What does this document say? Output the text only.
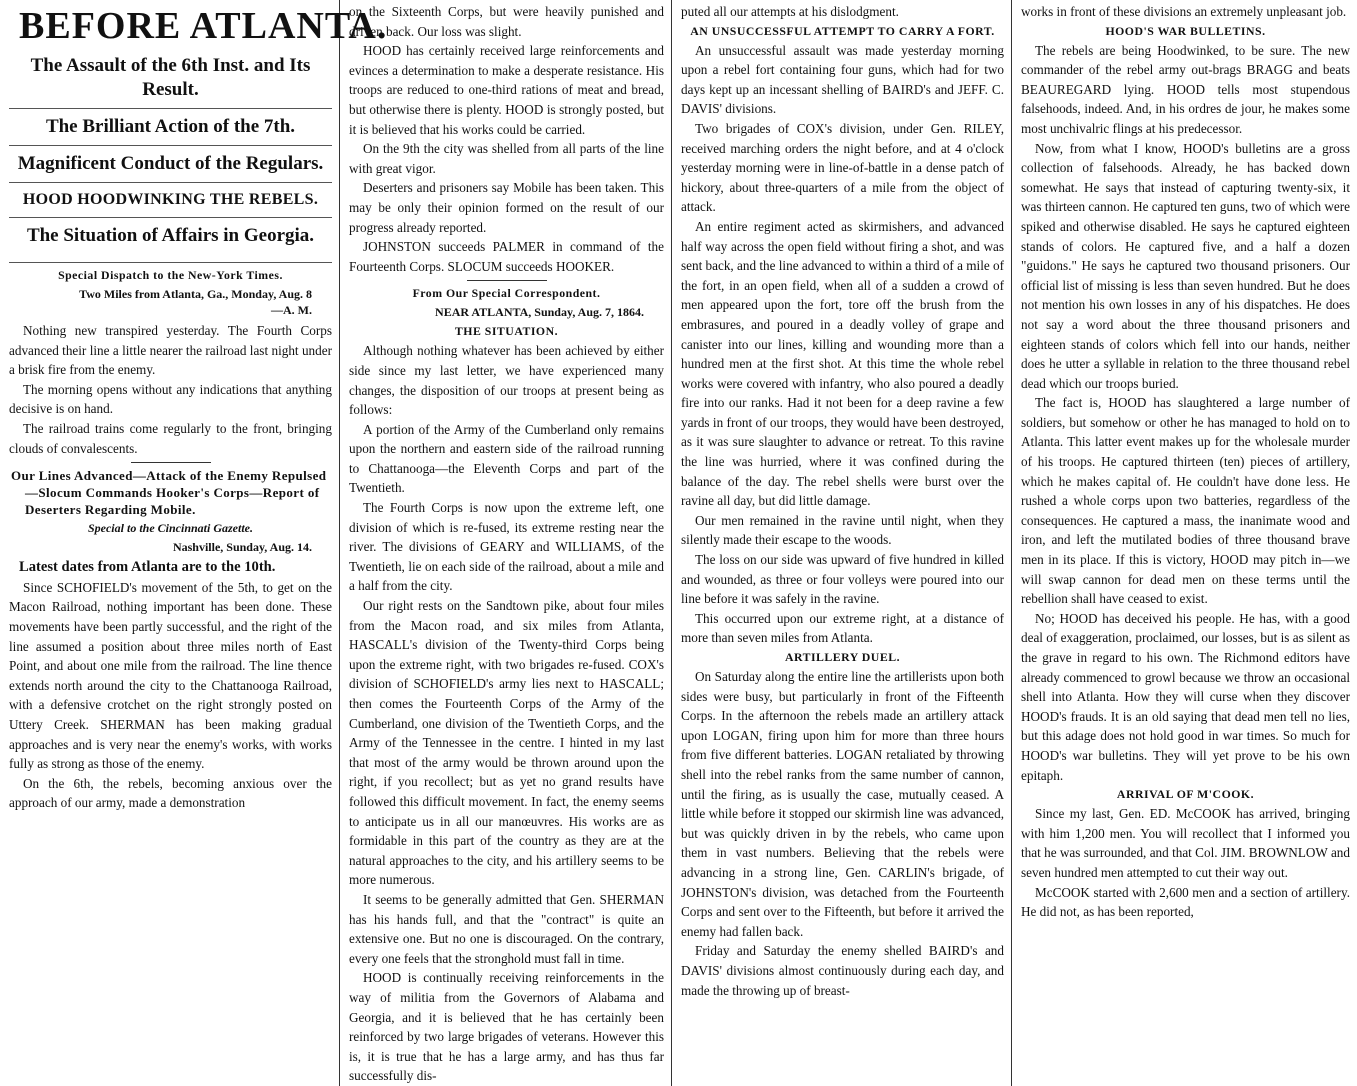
BEFORE ATLANTA.
The Assault of the 6th Inst. and Its Result.
The Brilliant Action of the 7th.
Magnificent Conduct of the Regulars.
HOOD HOODWINKING THE REBELS.
The Situation of Affairs in Georgia.
Special Dispatch to the New-York Times.
Two Miles from Atlanta, Ga., Monday, Aug. 8—A. M.
Nothing new transpired yesterday. The Fourth Corps advanced their line a little nearer the railroad last night under a brisk fire from the enemy.
The morning opens without any indications that anything decisive is on hand.
The railroad trains come regularly to the front, bringing clouds of convalescents.
Our Lines Advanced—Attack of the Enemy Repulsed—Slocum Commands Hooker's Corps—Report of Deserters Regarding Mobile.
Special to the Cincinnati Gazette.
Nashville, Sunday, Aug. 14.
Latest dates from Atlanta are to the 10th.
Since SCHOFIELD's movement of the 5th, to get on the Macon Railroad, nothing important has been done. These movements have been partly successful, and the right of the line assumed a position about three miles north of East Point, and about one mile from the railroad. The line thence extends north around the city to the Chattanooga Railroad, with a defensive crotchet on the right strongly posted on Uttery Creek. SHERMAN has been making gradual approaches and is very near the enemy's works, with works fully as strong as those of the enemy.
On the 6th, the rebels, becoming anxious over the approach of our army, made a demonstration
on the Sixteenth Corps, but were heavily punished and driven back. Our loss was slight.
HOOD has certainly received large reinforcements and evinces a determination to make a desperate resistance. His troops are reduced to one-third rations of meat and bread, but otherwise there is plenty. HOOD is strongly posted, but it is believed that his works could be carried.
On the 9th the city was shelled from all parts of the line with great vigor.
Deserters and prisoners say Mobile has been taken. This may be only their opinion formed on the result of our progress already reported.
JOHNSTON succeeds PALMER in command of the Fourteenth Corps. SLOCUM succeeds HOOKER.
From Our Special Correspondent.
NEAR ATLANTA, Sunday, Aug. 7, 1864.
THE SITUATION.
Although nothing whatever has been achieved by either side since my last letter, we have experienced many changes, the disposition of our troops at present being as follows:
A portion of the Army of the Cumberland only remains upon the northern and eastern side of the railroad running to Chattanooga—the Eleventh Corps and part of the Twentieth.
The Fourth Corps is now upon the extreme left, one division of which is re-fused, its extreme resting near the river. The divisions of GEARY and WILLIAMS, of the Twentieth, lie on each side of the railroad, about a mile and a half from the city.
Our right rests on the Sandtown pike, about four miles from the Macon road, and six miles from Atlanta, HASCALL's division of the Twenty-third Corps being upon the extreme right, with two brigades re-fused. COX's division of SCHOFIELD's army lies next to HASCALL; then comes the Fourteenth Corps of the Army of the Cumberland, one division of the Twentieth Corps, and the Army of the Tennessee in the centre. I hinted in my last that most of the army would be thrown around upon the right, if you recollect; but as yet no grand results have followed this difficult movement. In fact, the enemy seems to anticipate us in all our manœuvres. His works are as formidable in this part of the country as they are at the natural approaches to the city, and his artillery seems to be more numerous.
It seems to be generally admitted that Gen. SHERMAN has his hands full, and that the "contract" is quite an extensive one. But no one is discouraged. On the contrary, every one feels that the stronghold must fall in time.
HOOD is continually receiving reinforcements in the way of militia from the Governors of Alabama and Georgia, and it is believed that he has certainly been reinforced by two large brigades of veterans. However this is, it is true that he has a large army, and has thus far successfully dis-
puted all our attempts at his dislodgment.
AN UNSUCCESSFUL ATTEMPT TO CARRY A FORT.
An unsuccessful assault was made yesterday morning upon a rebel fort containing four guns, which had for two days kept up an incessant shelling of BAIRD's and JEFF. C. DAVIS' divisions.
Two brigades of COX's division, under Gen. RILEY, received marching orders the night before, and at 4 o'clock yesterday morning were in line-of-battle in a dense patch of hickory, about three-quarters of a mile from the object of attack.
An entire regiment acted as skirmishers, and advanced half way across the open field without firing a shot, and was sent back, and the line advanced to within a third of a mile of the fort, in an open field, when all of a sudden a crowd of men appeared upon the fort, tore off the brush from the embrasures, and poured in a deadly volley of grape and canister into our lines, killing and wounding more than a hundred men at the first shot. At this time the whole rebel works were covered with infantry, who also poured a deadly fire into our ranks. Had it not been for a deep ravine a few yards in front of our troops, they would have been destroyed, as it was sure slaughter to advance or retreat. To this ravine the line was hurried, where it was confined during the balance of the day. The rebel shells were burst over the ravine all day, but did little damage.
Our men remained in the ravine until night, when they silently made their escape to the woods.
The loss on our side was upward of five hundred in killed and wounded, as three or four volleys were poured into our line before it was safely in the ravine.
This occurred upon our extreme right, at a distance of more than seven miles from Atlanta.
ARTILLERY DUEL.
On Saturday along the entire line the artillerists upon both sides were busy, but particularly in front of the Fifteenth Corps. In the afternoon the rebels made an artillery attack upon LOGAN, firing upon him for more than three hours from five different batteries. LOGAN retaliated by throwing shell into the rebel ranks from the same number of cannon, until the firing, as is usually the case, mutually ceased. A little while before it stopped our skirmish line was advanced, but was quickly driven in by the rebels, who came upon them in vast numbers. Believing that the rebels were advancing in a strong line, Gen. CARLIN's brigade, of JOHNSTON's division, was detached from the Fourteenth Corps and sent over to the Fifteenth, but before it arrived the enemy had fallen back.
Friday and Saturday the enemy shelled BAIRD's and DAVIS' divisions almost continuously during each day, and made the throwing up of breast-
works in front of these divisions an extremely unpleasant job.
HOOD'S WAR BULLETINS.
The rebels are being Hoodwinked, to be sure. The new commander of the rebel army out-brags BRAGG and beats BEAUREGARD lying. HOOD tells most stupendous falsehoods, indeed. And, in his ordres de jour, he makes some most unchivalric flings at his predecessor.
Now, from what I know, HOOD's bulletins are a gross collection of falsehoods. Already, he has backed down somewhat. He says that instead of capturing twenty-six, it was thirteen cannon. He captured ten guns, two of which were spiked and otherwise disabled. He says he captured eighteen stands of colors. He captured five, and a half a dozen "guidons." He says he captured two thousand prisoners. Our official list of missing is less than seven hundred. But he does not mention his own losses in any of his dispatches. He does not say a word about the three thousand prisoners and eighteen stands of colors which fell into our hands, neither does he utter a syllable in relation to the three thousand rebel dead which our troops buried.
The fact is, HOOD has slaughtered a large number of soldiers, but somehow or other he has managed to hold on to Atlanta. This latter event makes up for the wholesale murder of his troops. He captured thirteen (ten) pieces of artillery, which he makes capital of. He couldn't have done less. He rushed a whole corps upon two batteries, regardless of the consequences. He captured a mass, the inanimate wood and iron, and left the mutilated bodies of three thousand brave men in its place. If this is victory, HOOD may pitch in—we will swap cannon for dead men on these terms until the rebellion shall have ceased to exist.
No; HOOD has deceived his people. He has, with a good deal of exaggeration, proclaimed, our losses, but is as silent as the grave in regard to his own. The Richmond editors have already commenced to growl because we throw an occasional shell into Atlanta. How they will curse when they discover HOOD's frauds. It is an old saying that dead men tell no lies, but this adage does not hold good in war times. So much for HOOD's war bulletins. They will yet prove to be his own epitaph.
ARRIVAL OF M'COOK.
Since my last, Gen. ED. McCOOK has arrived, bringing with him 1,200 men. You will recollect that I informed you that he was surrounded, and that Col. JIM. BROWNLOW and seven hundred men attempted to cut their way out.
McCOOK started with 2,600 men and a section of artillery. He did not, as has been reported,
